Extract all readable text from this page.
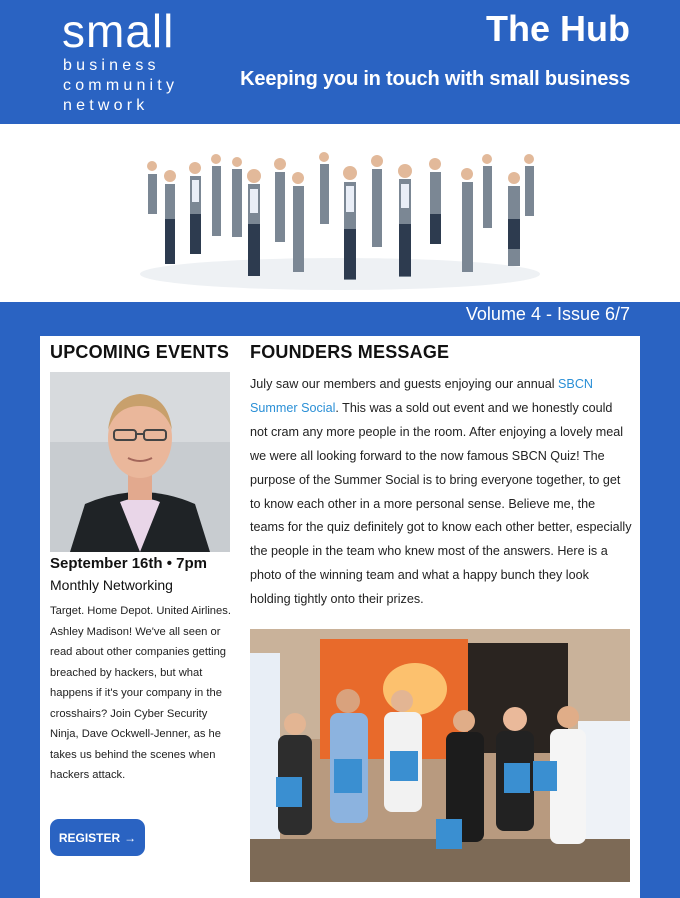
small
business
community
network
The Hub
Keeping you in touch with small business
Volume 4 - Issue 6/7
UPCOMING EVENTS
September 16th • 7pm
Monthly Networking
Target. Home Depot. United Airlines. Ashley Madison! We've all seen or read about other companies getting breached by hackers, but what happens if it's your company in the crosshairs? Join Cyber Security Ninja, Dave Ockwell-Jenner, as he takes us behind the scenes when hackers attack.
REGISTER →
FOUNDERS MESSAGE
July saw our members and guests enjoying our annual SBCN Summer Social. This was a sold out event and we honestly could not cram any more people in the room. After enjoying a lovely meal we were all looking forward to the now famous SBCN Quiz! The purpose of the Summer Social is to bring everyone together, to get to know each other in a more personal sense. Believe me, the teams for the quiz definitely got to know each other better, especially the people in the team who knew most of the answers. Here is a photo of the winning team and what a happy bunch they look holding tightly onto their prizes.
